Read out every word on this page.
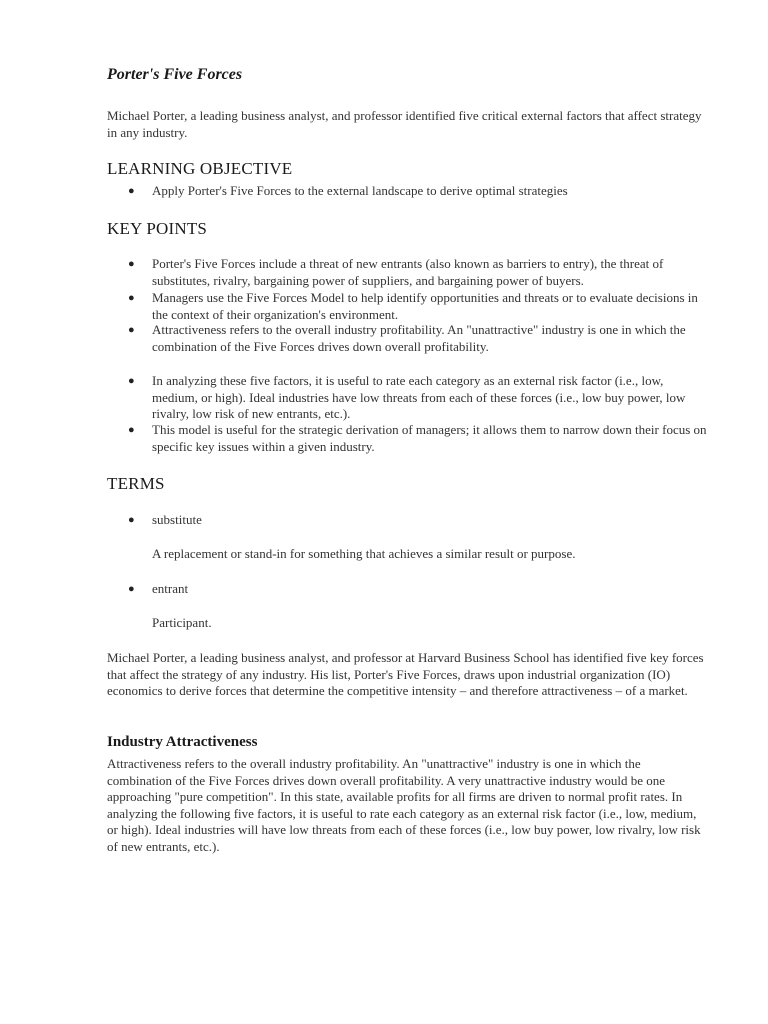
Porter's Five Forces

Michael Porter, a leading business analyst, and professor identified five critical external factors that affect strategy in any industry.

LEARNING OBJECTIVE
● Apply Porter's Five Forces to the external landscape to derive optimal strategies
KEY POINTS
● Porter's Five Forces include a threat of new entrants (also known as barriers to entry), the threat of substitutes, rivalry, bargaining power of suppliers, and bargaining power of buyers.
● Managers use the Five Forces Model to help identify opportunities and threats or to evaluate decisions in the context of their organization's environment.
● Attractiveness refers to the overall industry profitability. An "unattractive" industry is one in which the combination of the Five Forces drives down overall profitability.
● In analyzing these five factors, it is useful to rate each category as an external risk factor (i.e., low, medium, or high). Ideal industries have low threats from each of these forces (i.e., low buy power, low rivalry, low risk of new entrants, etc.).
● This model is useful for the strategic derivation of managers; it allows them to narrow down their focus on specific key issues within a given industry.
TERMS
● substitute
● entrant
A replacement or stand-in for something that achieves a similar result or purpose.
Participant.

Michael Porter, a leading business analyst, and professor at Harvard Business School has identified five key forces that affect the strategy of any industry. His list, Porter's Five Forces, draws upon industrial organization (IO) economics to derive forces that determine the competitive intensity – and therefore attractiveness – of a market.

Industry Attractiveness

Attractiveness refers to the overall industry profitability. An "unattractive" industry is one in which the combination of the Five Forces drives down overall profitability. A very unattractive industry would be one approaching "pure competition". In this state, available profits for all firms are driven to normal profit rates. In analyzing the following five factors, it is useful to rate each category as an external risk factor (i.e., low, medium, or high). Ideal industries will have low threats from each of these forces (i.e., low buy power, low rivalry, low risk of new entrants, etc.).
